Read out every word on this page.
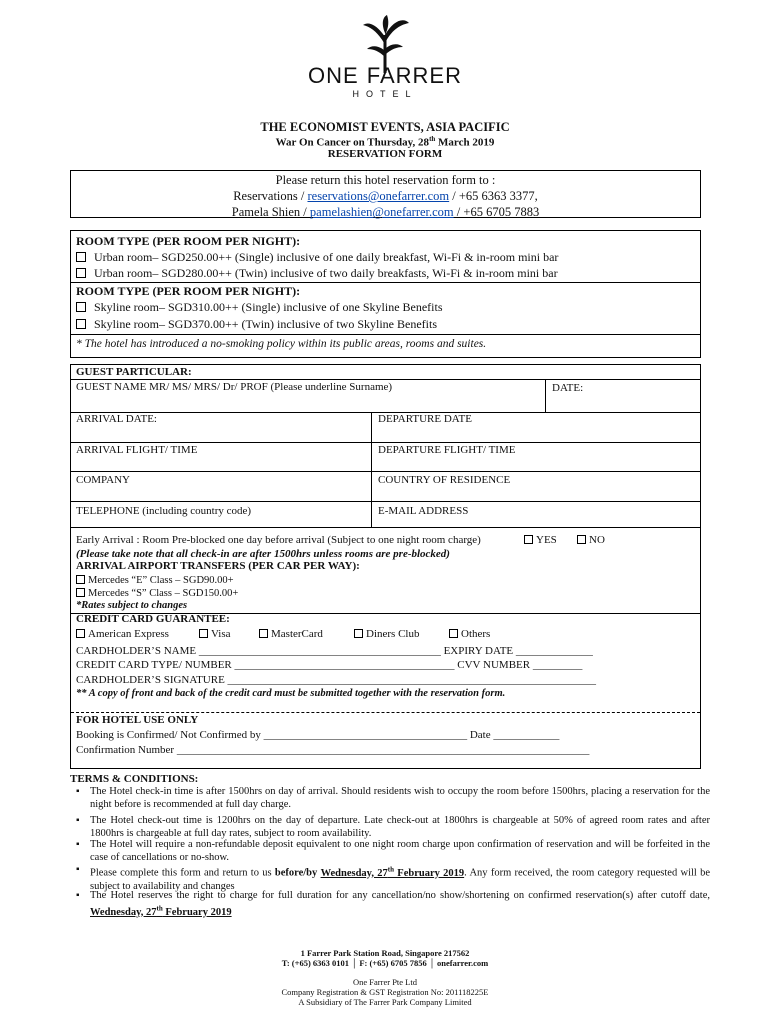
ONE FARRER
HOTEL
THE ECONOMIST EVENTS, ASIA PACIFIC
War On Cancer on Thursday, 28th March 2019
RESERVATION FORM
Please return this hotel reservation form to :
Reservations / reservations@onefarrer.com / +65 6363 3377,
Pamela Shien / pamelashien@onefarrer.com / +65 6705 7883
ROOM TYPE (PER ROOM PER NIGHT):
Urban room– SGD250.00++ (Single) inclusive of one daily breakfast, Wi-Fi & in-room mini bar
Urban room– SGD280.00++ (Twin) inclusive of two daily breakfasts, Wi-Fi & in-room mini bar
ROOM TYPE (PER ROOM PER NIGHT):
Skyline room– SGD310.00++ (Single) inclusive of one Skyline Benefits
Skyline room– SGD370.00++ (Twin) inclusive of two Skyline Benefits
* The hotel has introduced a no-smoking policy within its public areas, rooms and suites.
GUEST PARTICULAR:
GUEST NAME MR/ MS/ MRS/ Dr/ PROF (Please underline Surname)	DATE:
ARRIVAL DATE:	DEPARTURE DATE
ARRIVAL FLIGHT/ TIME	DEPARTURE FLIGHT/ TIME
COMPANY	COUNTRY OF RESIDENCE
TELEPHONE (including country code)	E-MAIL ADDRESS
Early Arrival : Room Pre-blocked one day before arrival (Subject to one night room charge)	YES	NO
(Please take note that all check-in are after 1500hrs unless rooms are pre-blocked)
ARRIVAL AIRPORT TRANSFERS (PER CAR PER WAY):
Mercedes “E” Class – SGD90.00+
Mercedes “S” Class – SGD150.00+
*Rates subject to changes
CREDIT CARD GUARANTEE:
American Express	Visa	MasterCard	Diners Club	Others
CARDHOLDER’S NAME ____________________________________________ EXPIRY DATE ______________
CREDIT CARD TYPE/ NUMBER ________________________________________ CVV NUMBER _________
CARDHOLDER’S SIGNATURE ___________________________________________________________________
** A copy of front and back of the credit card must be submitted together with the reservation form.
FOR HOTEL USE ONLY
Booking is Confirmed/ Not Confirmed by _____________________________________ Date ____________
Confirmation Number ___________________________________________________________________________
TERMS & CONDITIONS:
▪ The Hotel check-in time is after 1500hrs on day of arrival. Should residents wish to occupy the room before 1500hrs, placing a reservation for the night before is recommended at full day charge.
▪ The Hotel check-out time is 1200hrs on the day of departure. Late check-out at 1800hrs is chargeable at 50% of agreed room rates and after 1800hrs is chargeable at full day rates, subject to room availability.
▪ The Hotel will require a non-refundable deposit equivalent to one night room charge upon confirmation of reservation and will be forfeited in the case of cancellations or no-show.
▪ Please complete this form and return to us before/by Wednesday, 27th February 2019. Any form received, the room category requested will be subject to availability and changes
▪ The Hotel reserves the right to charge for full duration for any cancellation/no show/shortening on confirmed reservation(s) after cutoff date, Wednesday, 27th February 2019
1 Farrer Park Station Road, Singapore 217562
T: (+65) 6363 0101 │ F: (+65) 6705 7856 │ onefarrer.com
One Farrer Pte Ltd
Company Registration & GST Registration No: 201118225E
A Subsidiary of The Farrer Park Company Limited
